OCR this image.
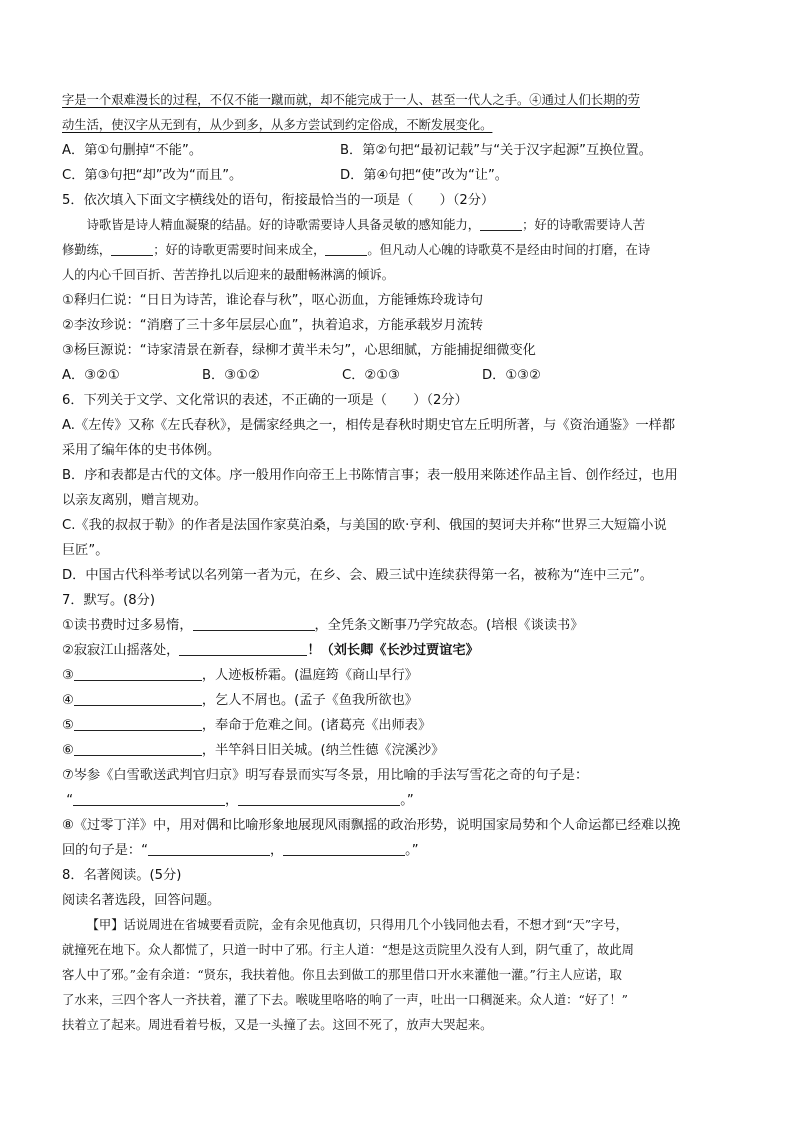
字是一个艰难漫长的过程，不仅不能一蹴而就，却不能完成于一人、甚至一代人之手。④通过人们长期的劳
动生活，使汉字从无到有，从少到多，从多方尝试到约定俗成，不断发展变化。
A．第①句删掉“不能”。	B．第②句把“最初记载”与“关于汉字起源”互换位置。
C．第③句把“却”改为“而且”。	D．第④句把“使”改为“让”。
5．依次填入下面文字横线处的语句，衔接最恰当的一项是（　　）（2分）
诗歌皆是诗人精血凝聚的结晶。好的诗歌需要诗人具备灵敏的感知能力，	；好的诗歌需要诗人苦
修勤练，	；好的诗歌更需要时间来成全，	。但凡动人心魄的诗歌莫不是经由时间的打磨，在诗
人的内心千回百折、苦苦挣扎以后迎来的最酣畅淋漓的倾诉。
①释归仁说：“日日为诗苦，谁论春与秋”，呕心沥血，方能锤炼玲珑诗句
②李汝珍说：“消磨了三十多年层层心血”，执着追求，方能承载岁月流转
③杨巨源说：“诗家清景在新春，绿柳才黄半未匀”，心思细腻，方能捕捉细微变化
A．③②①	B．③①②	C．②①③	D．①③②
6．下列关于文学、文化常识的表述，不正确的一项是（　　）（2分）
A.《左传》又称《左氏春秋》，是儒家经典之一，相传是春秋时期史官左丘明所著，与《资治通鉴》一样都
采用了编年体的史书体例。
B．序和表都是古代的文体。序一般用作向帝王上书陈情言事；表一般用来陈述作品主旨、创作经过，也用
以亲友离别，赠言规劝。
C.《我的叔叔于勒》的作者是法国作家莫泊桑，与美国的欧·亨利、俄国的契诃夫并称“世界三大短篇小说
巨匠”。
D．中国古代科举考试以名列第一者为元，在乡、会、殿三试中连续获得第一名，被称为“连中三元”。
7．默写。(8分)
①读书费时过多易惰，	，全凭条文断事乃学究故态。(培根《谈读书》
②寂寂江山摇落处，	！（刘长卿《长沙过贾谊宅》
③	，人迹板桥霜。(温庭筠《商山早行》
④	，乞人不屑也。(孟子《鱼我所欲也》
⑤	，奉命于危难之间。(诸葛亮《出师表》
⑥	，半竿斜日旧关城。(纳兰性德《浣溪沙》
⑦岑参《白雪歌送武判官归京》明写春景而实写冬景，用比喻的手法写雪花之奇的句子是：
“	，	。”
⑧《过零丁洋》中，用对偶和比喻形象地展现风雨飘摇的政治形势，说明国家局势和个人命运都已经难以挽
回的句子是：“	，	。”
8．名著阅读。(5分)
阅读名著选段，回答问题。
【甲】话说周进在省城要看贡院，金有余见他真切，只得用几个小钱同他去看，不想才到“天”字号，
就撞死在地下。众人都慌了，只道一时中了邪。行主人道：“想是这贡院里久没有人到，阴气重了，故此周
客人中了邪。”金有余道：“贤东，我扶着他。你且去到做工的那里借口开水来灌他一灌。”行主人应诺，取
了水来，三四个客人一齐扶着，灌了下去。喉咙里咯咯的响了一声，吐出一口稠涎来。众人道：“好了！”
扶着立了起来。周进看着号板，又是一头撞了去。这回不死了，放声大哭起来。
